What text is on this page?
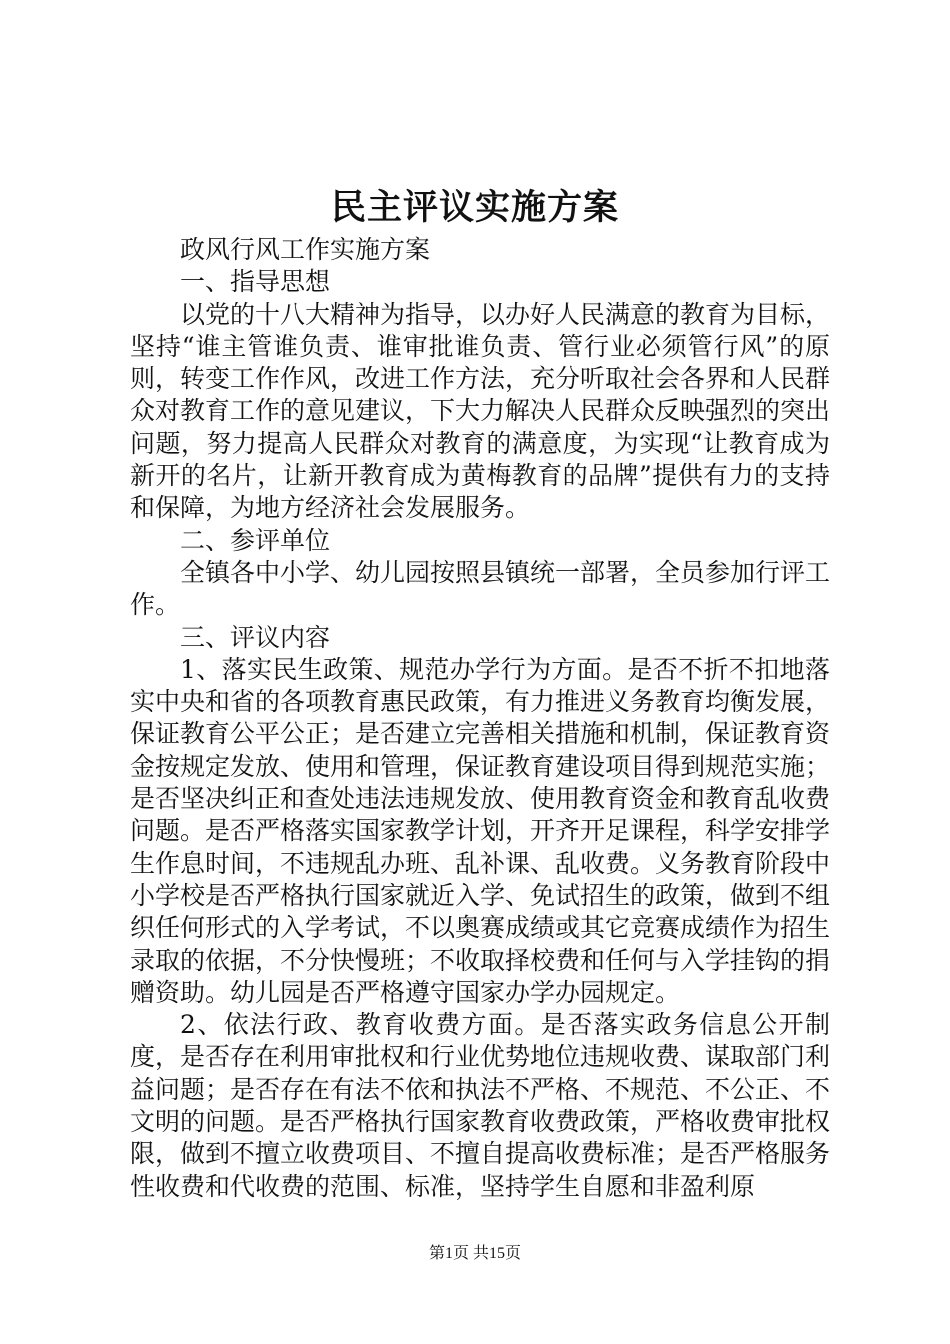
民主评议实施方案

政风行风工作实施方案

一、指导思想

以党的十八大精神为指导，以办好人民满意的教育为目标，坚持“谁主管谁负责、谁审批谁负责、管行业必须管行风”的原则，转变工作作风，改进工作方法，充分听取社会各界和人民群众对教育工作的意见建议，下大力解决人民群众反映强烈的突出问题，努力提高人民群众对教育的满意度，为实现“让教育成为新开的名片，让新开教育成为黄梅教育的品牌”提供有力的支持和保障，为地方经济社会发展服务。

二、参评单位

全镇各中小学、幼儿园按照县镇统一部署，全员参加行评工作。

三、评议内容

1、落实民生政策、规范办学行为方面。是否不折不扣地落实中央和省的各项教育惠民政策，有力推进义务教育均衡发展，保证教育公平公正；是否建立完善相关措施和机制，保证教育资金按规定发放、使用和管理，保证教育建设项目得到规范实施；是否坚决纠正和查处违法违规发放、使用教育资金和教育乱收费问题。是否严格落实国家教学计划，开齐开足课程，科学安排学生作息时间，不违规乱办班、乱补课、乱收费。义务教育阶段中小学校是否严格执行国家就近入学、免试招生的政策，做到不组织任何形式的入学考试，不以奥赛成绩或其它竞赛成绩作为招生录取的依据，不分快慢班；不收取择校费和任何与入学挂钩的捐赠资助。幼儿园是否严格遵守国家办学办园规定。

2、依法行政、教育收费方面。是否落实政务信息公开制度，是否存在利用审批权和行业优势地位违规收费、谋取部门利益问题；是否存在有法不依和执法不严格、不规范、不公正、不文明的问题。是否严格执行国家教育收费政策，严格收费审批权限，做到不擅立收费项目、不擅自提高收费标准；是否严格服务性收费和代收费的范围、标准，坚持学生自愿和非盈利原

第1页 共15页
